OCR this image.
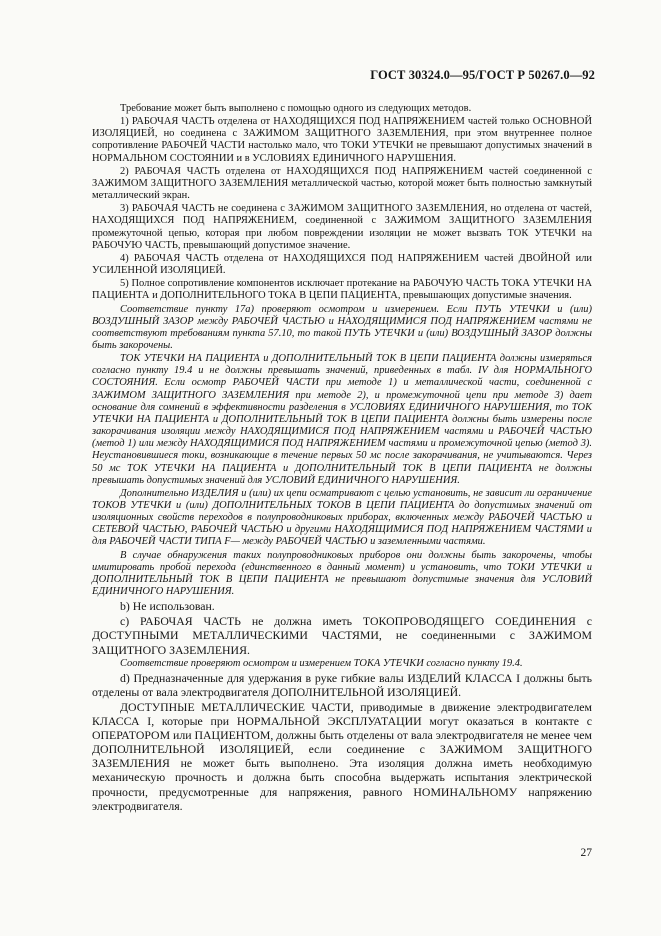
ГОСТ 30324.0—95/ГОСТ Р 50267.0—92

Требование может быть выполнено с помощью одного из следующих методов.

1) РАБОЧАЯ ЧАСТЬ отделена от НАХОДЯЩИХСЯ ПОД НАПРЯЖЕНИЕМ частей только ОСНОВНОЙ ИЗОЛЯЦИЕЙ, но соединена с ЗАЖИМОМ ЗАЩИТНОГО ЗАЗЕМЛЕНИЯ, при этом внутреннее полное сопротивление РАБОЧЕЙ ЧАСТИ настолько мало, что ТОКИ УТЕЧКИ не превышают допустимых значений в НОРМАЛЬНОМ СОСТОЯНИИ и в УСЛОВИЯХ ЕДИНИЧНОГО НАРУШЕНИЯ.

2) РАБОЧАЯ ЧАСТЬ отделена от НАХОДЯЩИХСЯ ПОД НАПРЯЖЕНИЕМ частей соединенной с ЗАЖИМОМ ЗАЩИТНОГО ЗАЗЕМЛЕНИЯ металлической частью, которой может быть полностью замкнутый металлический экран.

3) РАБОЧАЯ ЧАСТЬ не соединена с ЗАЖИМОМ ЗАЩИТНОГО ЗАЗЕМЛЕНИЯ, но отделена от частей, НАХОДЯЩИХСЯ ПОД НАПРЯЖЕНИЕМ, соединенной с ЗАЖИМОМ ЗАЩИТНОГО ЗАЗЕМЛЕНИЯ промежуточной цепью, которая при любом повреждении изоляции не может вызвать ТОК УТЕЧКИ на РАБОЧУЮ ЧАСТЬ, превышающий допустимое значение.

4) РАБОЧАЯ ЧАСТЬ отделена от НАХОДЯЩИХСЯ ПОД НАПРЯЖЕНИЕМ частей ДВОЙНОЙ или УСИЛЕННОЙ ИЗОЛЯЦИЕЙ.

5) Полное сопротивление компонентов исключает протекание на РАБОЧУЮ ЧАСТЬ ТОКА УТЕЧКИ НА ПАЦИЕНТА и ДОПОЛНИТЕЛЬНОГО ТОКА В ЦЕПИ ПАЦИЕНТА, превышающих допустимые значения.

Соответствие пункту 17а) проверяют осмотром и измерением. Если ПУТЬ УТЕЧКИ и (или) ВОЗДУШНЫЙ ЗАЗОР между РАБОЧЕЙ ЧАСТЬЮ и НАХОДЯЩИМИСЯ ПОД НАПРЯЖЕНИЕМ частями не соответствуют требованиям пункта 57.10, то такой ПУТЬ УТЕЧКИ и (или) ВОЗДУШНЫЙ ЗАЗОР должны быть закорочены.

ТОК УТЕЧКИ НА ПАЦИЕНТА и ДОПОЛНИТЕЛЬНЫЙ ТОК В ЦЕПИ ПАЦИЕНТА должны измеряться согласно пункту 19.4 и не должны превышать значений, приведенных в табл. IV для НОРМАЛЬНОГО СОСТОЯНИЯ. Если осмотр РАБОЧЕЙ ЧАСТИ при методе 1) и металлической части, соединенной с ЗАЖИМОМ ЗАЩИТНОГО ЗАЗЕМЛЕНИЯ при методе 2), и промежуточной цепи при методе 3) дает основание для сомнений в эффективности разделения в УСЛОВИЯХ ЕДИНИЧНОГО НАРУШЕНИЯ, то ТОК УТЕЧКИ НА ПАЦИЕНТА и ДОПОЛНИТЕЛЬНЫЙ ТОК В ЦЕПИ ПАЦИЕНТА должны быть измерены после закорачивания изоляции между НАХОДЯЩИМИСЯ ПОД НАПРЯЖЕНИЕМ частями и РАБОЧЕЙ ЧАСТЬЮ (метод 1) или между НАХОДЯЩИМИСЯ ПОД НАПРЯЖЕНИЕМ частями и промежуточной цепью (метод 3). Неустановившиеся токи, возникающие в течение первых 50 мс после закорачивания, не учитываются. Через 50 мс ТОК УТЕЧКИ НА ПАЦИЕНТА и ДОПОЛНИТЕЛЬНЫЙ ТОК В ЦЕПИ ПАЦИЕНТА не должны превышать допустимых значений для УСЛОВИЙ ЕДИНИЧНОГО НАРУШЕНИЯ.

Дополнительно ИЗДЕЛИЯ и (или) их цепи осматривают с целью установить, не зависит ли ограничение ТОКОВ УТЕЧКИ и (или) ДОПОЛНИТЕЛЬНЫХ ТОКОВ В ЦЕПИ ПАЦИЕНТА до допустимых значений от изоляционных свойств переходов в полупроводниковых приборах, включенных между РАБОЧЕЙ ЧАСТЬЮ и СЕТЕВОЙ ЧАСТЬЮ, РАБОЧЕЙ ЧАСТЬЮ и другими НАХОДЯЩИМИСЯ ПОД НАПРЯЖЕНИЕМ ЧАСТЯМИ и для РАБОЧЕЙ ЧАСТИ ТИПА F— между РАБОЧЕЙ ЧАСТЬЮ и заземленными частями.

В случае обнаружения таких полупроводниковых приборов они должны быть закорочены, чтобы имитировать пробой перехода (единственного в данный момент) и установить, что ТОКИ УТЕЧКИ и ДОПОЛНИТЕЛЬНЫЙ ТОК В ЦЕПИ ПАЦИЕНТА не превышают допустимые значения для УСЛОВИЙ ЕДИНИЧНОГО НАРУШЕНИЯ.

b) Не использован.

c) РАБОЧАЯ ЧАСТЬ не должна иметь ТОКОПРОВОДЯЩЕГО СОЕДИНЕНИЯ с ДОСТУПНЫМИ МЕТАЛЛИЧЕСКИМИ ЧАСТЯМИ, не соединенными с ЗАЖИМОМ ЗАЩИТНОГО ЗАЗЕМЛЕНИЯ.

Соответствие проверяют осмотром и измерением ТОКА УТЕЧКИ согласно пункту 19.4.

d) Предназначенные для удержания в руке гибкие валы ИЗДЕЛИЙ КЛАССА I должны быть отделены от вала электродвигателя ДОПОЛНИТЕЛЬНОЙ ИЗОЛЯЦИЕЙ.

ДОСТУПНЫЕ МЕТАЛЛИЧЕСКИЕ ЧАСТИ, приводимые в движение электродвигателем КЛАССА I, которые при НОРМАЛЬНОЙ ЭКСПЛУАТАЦИИ могут оказаться в контакте с ОПЕРАТОРОМ или ПАЦИЕНТОМ, должны быть отделены от вала электродвигателя не менее чем ДОПОЛНИТЕЛЬНОЙ ИЗОЛЯЦИЕЙ, если соединение с ЗАЖИМОМ ЗАЩИТНОГО ЗАЗЕМЛЕНИЯ не может быть выполнено. Эта изоляция должна иметь необходимую механическую прочность и должна быть способна выдержать испытания электрической прочности, предусмотренные для напряжения, равного НОМИНАЛЬНОМУ напряжению электродвигателя.

27
